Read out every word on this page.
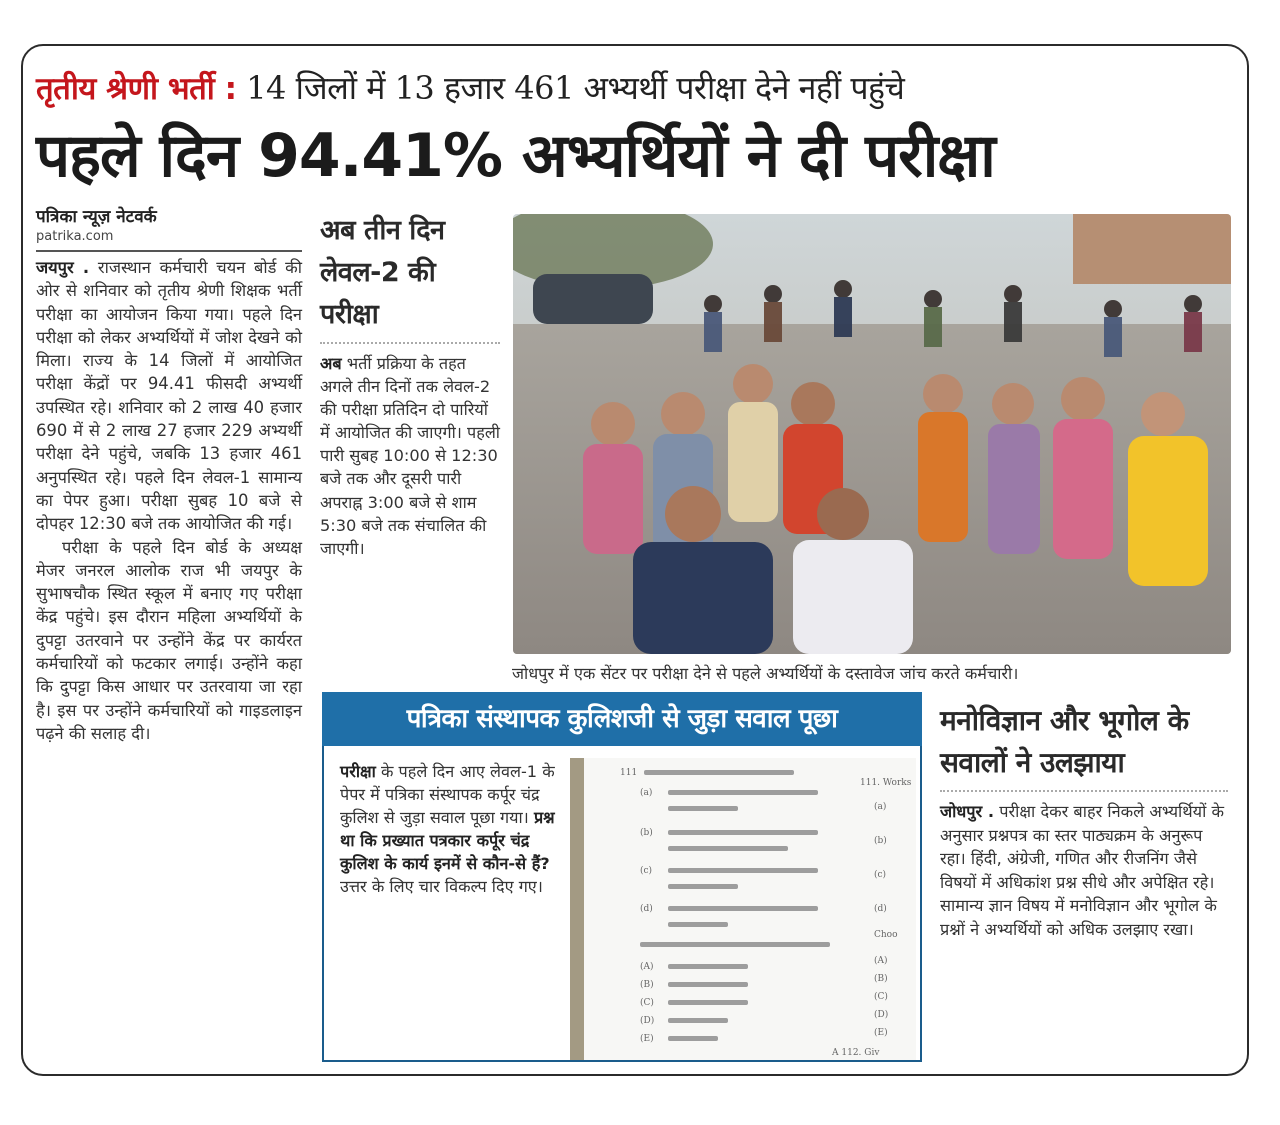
तृतीय श्रेणी भर्ती : 14 जिलों में 13 हजार 461 अभ्यर्थी परीक्षा देने नहीं पहुंचे
पहले दिन 94.41% अभ्यर्थियों ने दी परीक्षा
पत्रिका न्यूज़ नेटवर्क
patrika.com
जयपुर . राजस्थान कर्मचारी चयन बोर्ड की ओर से शनिवार को तृतीय श्रेणी शिक्षक भर्ती परीक्षा का आयोजन किया गया। पहले दिन परीक्षा को लेकर अभ्यर्थियों में जोश देखने को मिला। राज्य के 14 जिलों में आयोजित परीक्षा केंद्रों पर 94.41 फीसदी अभ्यर्थी उपस्थित रहे। शनिवार को 2 लाख 40 हजार 690 में से 2 लाख 27 हजार 229 अभ्यर्थी परीक्षा देने पहुंचे, जबकि 13 हजार 461 अनुपस्थित रहे। पहले दिन लेवल-1 सामान्य का पेपर हुआ। परीक्षा सुबह 10 बजे से दोपहर 12:30 बजे तक आयोजित की गई।
परीक्षा के पहले दिन बोर्ड के अध्यक्ष मेजर जनरल आलोक राज भी जयपुर के सुभाषचौक स्थित स्कूल में बनाए गए परीक्षा केंद्र पहुंचे। इस दौरान महिला अभ्यर्थियों के दुपट्टा उतरवाने पर उन्होंने केंद्र पर कार्यरत कर्मचारियों को फटकार लगाई। उन्होंने कहा कि दुपट्टा किस आधार पर उतरवाया जा रहा है। इस पर उन्होंने कर्मचारियों को गाइडलाइन पढ़ने की सलाह दी।
अब तीन दिन लेवल-2 की परीक्षा
अब भर्ती प्रक्रिया के तहत अगले तीन दिनों तक लेवल-2 की परीक्षा प्रतिदिन दो पारियों में आयोजित की जाएगी। पहली पारी सुबह 10:00 से 12:30 बजे तक और दूसरी पारी अपराह्न 3:00 बजे से शाम 5:30 बजे तक संचालित की जाएगी।
जोधपुर में एक सेंटर पर परीक्षा देने से पहले अभ्यर्थियों के दस्तावेज जांच करते कर्मचारी।
पत्रिका संस्थापक कुलिशजी से जुड़ा सवाल पूछा
परीक्षा के पहले दिन आए लेवल-1 के पेपर में पत्रिका संस्थापक कर्पूर चंद्र कुलिश से जुड़ा सवाल पूछा गया। प्रश्न था कि प्रख्यात पत्रकार कर्पूर चंद्र कुलिश के कार्य इनमें से कौन-से हैं? उत्तर के लिए चार विकल्प दिए गए।
111
(a)
(b)
(c)
(d)
(A)
(B)
(C)
(D)
(E)
111. Works
(a)
(b)
(c)
(d)
Choo
(A)
(B)
(C)
(D)
(E)
A 112. Giv
मनोविज्ञान और भूगोल के सवालों ने उलझाया
जोधपुर . परीक्षा देकर बाहर निकले अभ्यर्थियों के अनुसार प्रश्नपत्र का स्तर पाठ्यक्रम के अनुरूप रहा। हिंदी, अंग्रेजी, गणित और रीजनिंग जैसे विषयों में अधिकांश प्रश्न सीधे और अपेक्षित रहे। सामान्य ज्ञान विषय में मनोविज्ञान और भूगोल के प्रश्नों ने अभ्यर्थियों को अधिक उलझाए रखा।
